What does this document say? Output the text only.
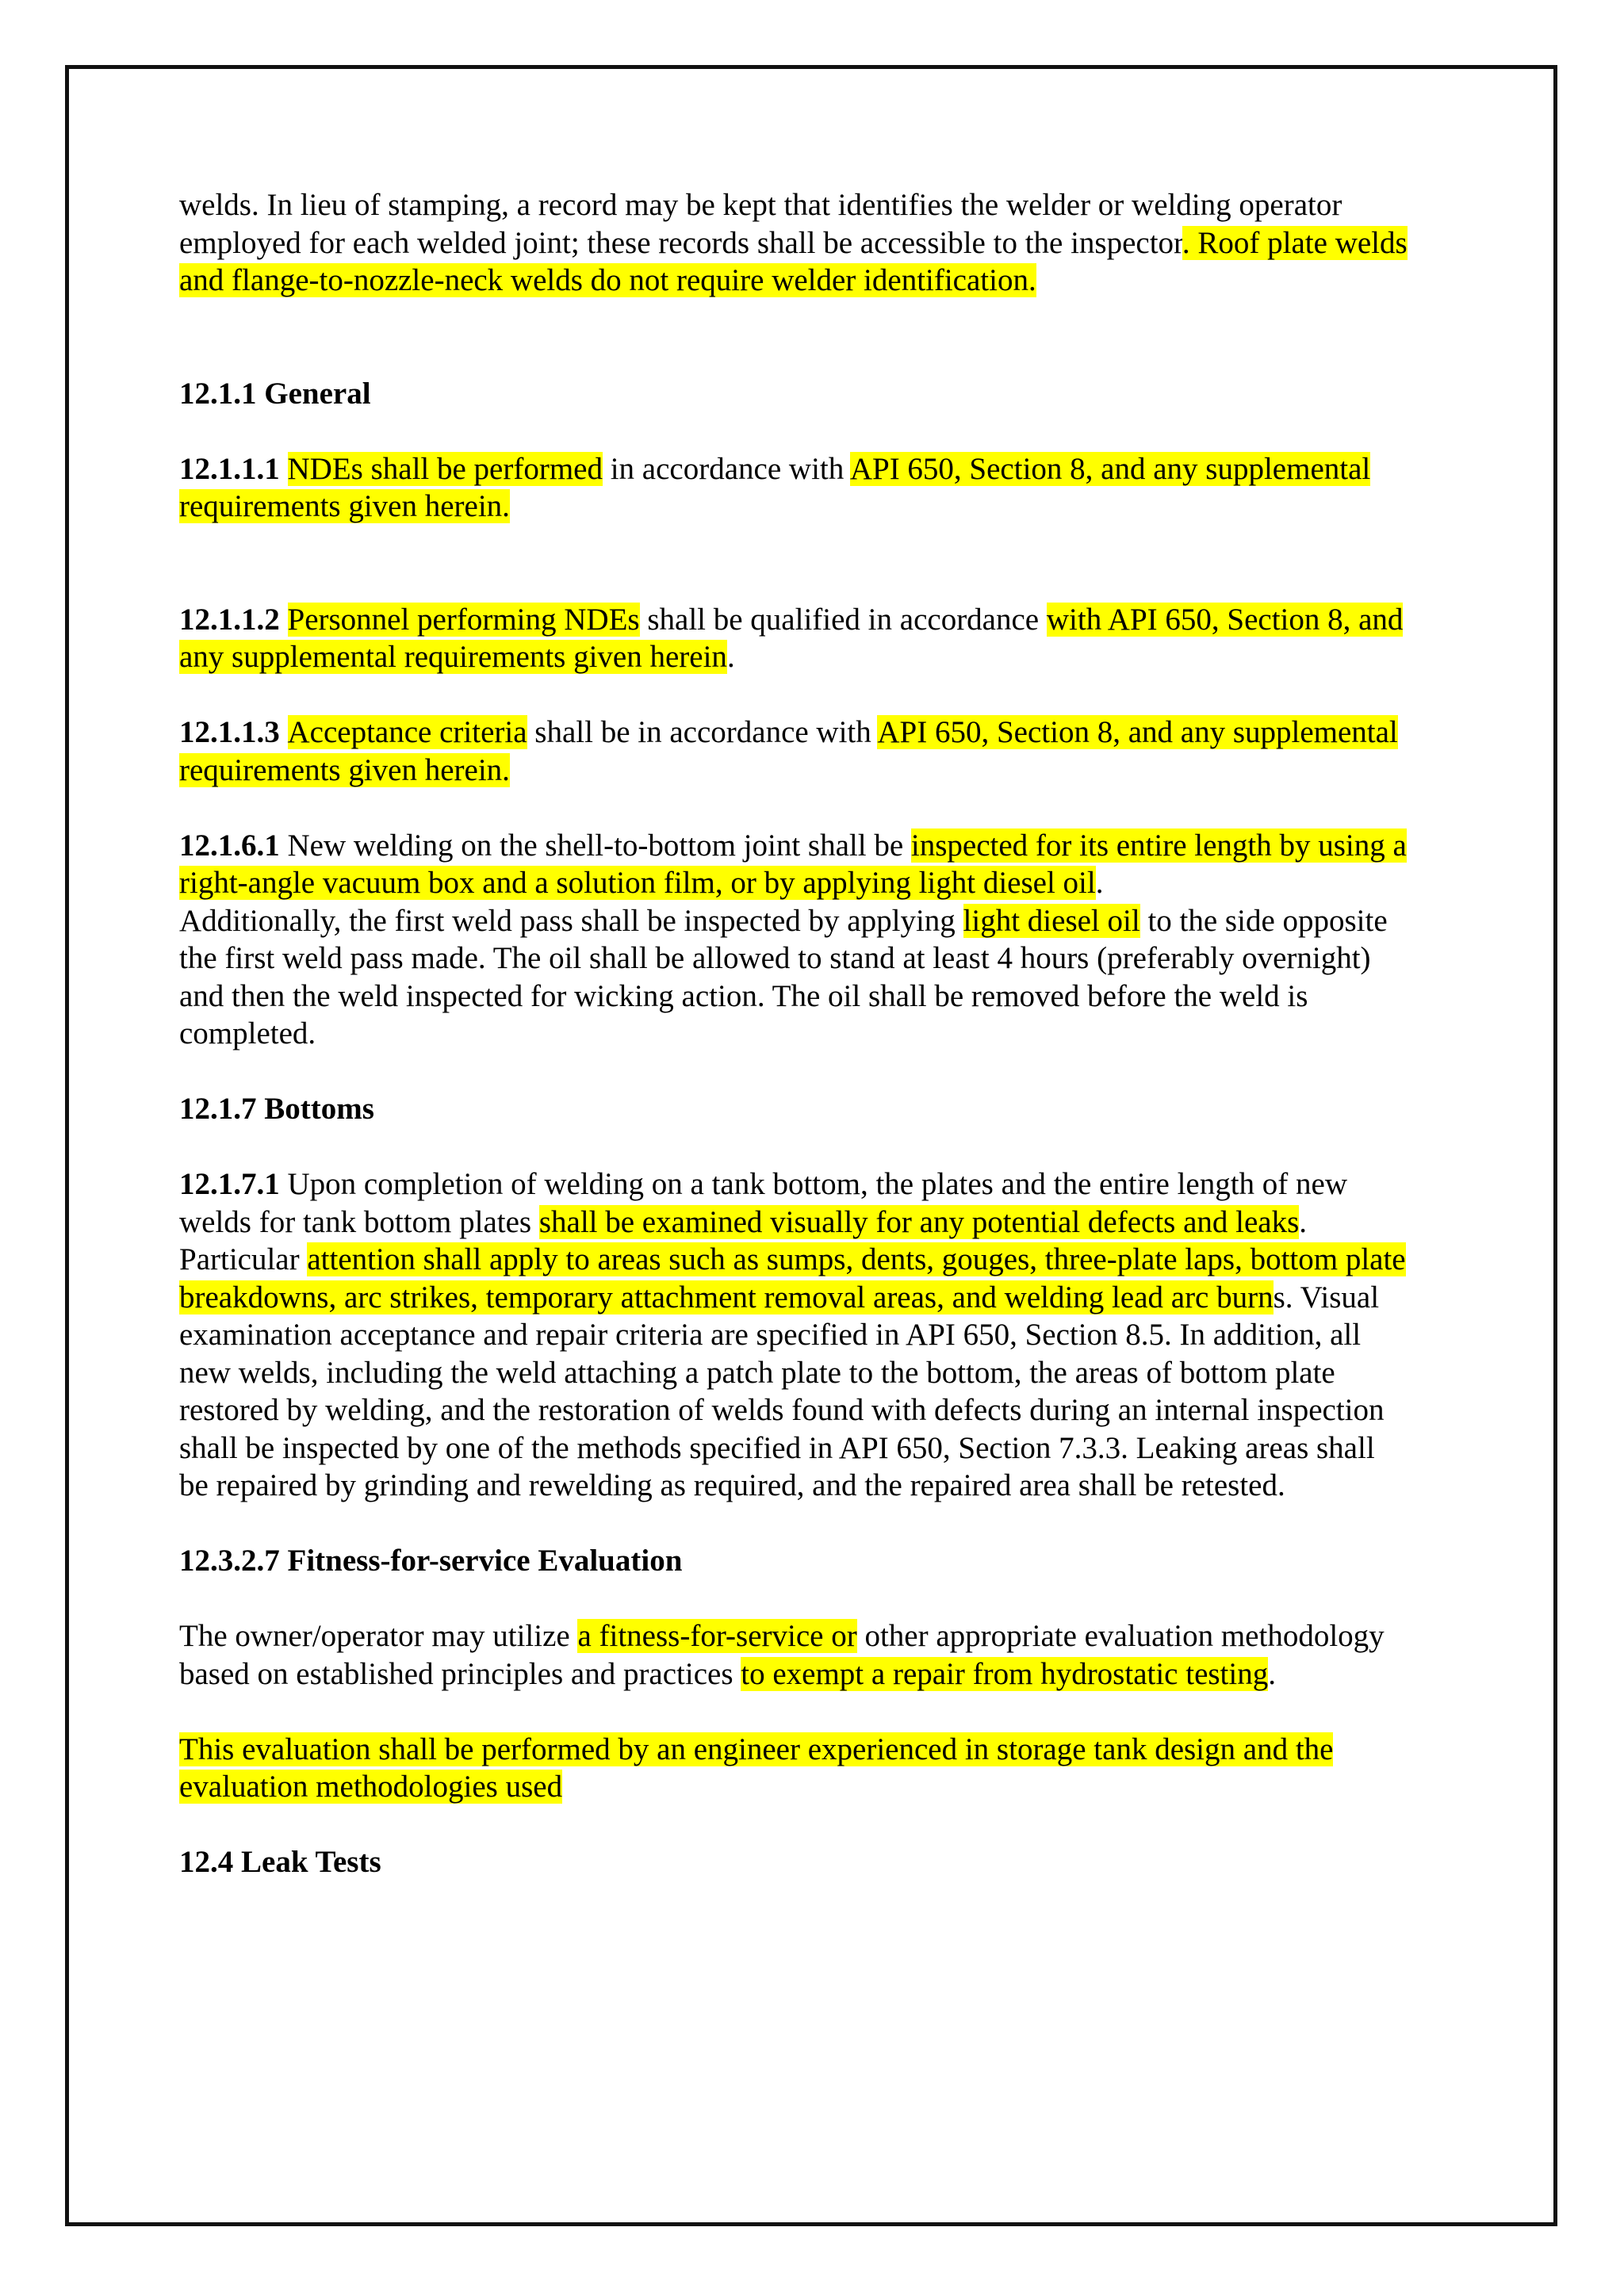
welds. In lieu of stamping, a record may be kept that identifies the welder or welding operator employed for each welded joint; these records shall be accessible to the inspector. Roof plate welds and flange-to-nozzle-neck welds do not require welder identification.

12.1.1 General

12.1.1.1 NDEs shall be performed in accordance with API 650, Section 8, and any supplemental requirements given herein.

12.1.1.2 Personnel performing NDEs shall be qualified in accordance with API 650, Section 8, and any supplemental requirements given herein.

12.1.1.3 Acceptance criteria shall be in accordance with API 650, Section 8, and any supplemental requirements given herein.

12.1.6.1 New welding on the shell-to-bottom joint shall be inspected for its entire length by using a right-angle vacuum box and a solution film, or by applying light diesel oil.
Additionally, the first weld pass shall be inspected by applying light diesel oil to the side opposite the first weld pass made. The oil shall be allowed to stand at least 4 hours (preferably overnight) and then the weld inspected for wicking action. The oil shall be removed before the weld is completed.

12.1.7 Bottoms

12.1.7.1 Upon completion of welding on a tank bottom, the plates and the entire length of new welds for tank bottom plates shall be examined visually for any potential defects and leaks. Particular attention shall apply to areas such as sumps, dents, gouges, three-plate laps, bottom plate breakdowns, arc strikes, temporary attachment removal areas, and welding lead arc burns. Visual examination acceptance and repair criteria are specified in API 650, Section 8.5. In addition, all new welds, including the weld attaching a patch plate to the bottom, the areas of bottom plate restored by welding, and the restoration of welds found with defects during an internal inspection shall be inspected by one of the methods specified in API 650, Section 7.3.3. Leaking areas shall be repaired by grinding and rewelding as required, and the repaired area shall be retested.

12.3.2.7 Fitness-for-service Evaluation

The owner/operator may utilize a fitness-for-service or other appropriate evaluation methodology based on established principles and practices to exempt a repair from hydrostatic testing.

This evaluation shall be performed by an engineer experienced in storage tank design and the evaluation methodologies used

12.4 Leak Tests
